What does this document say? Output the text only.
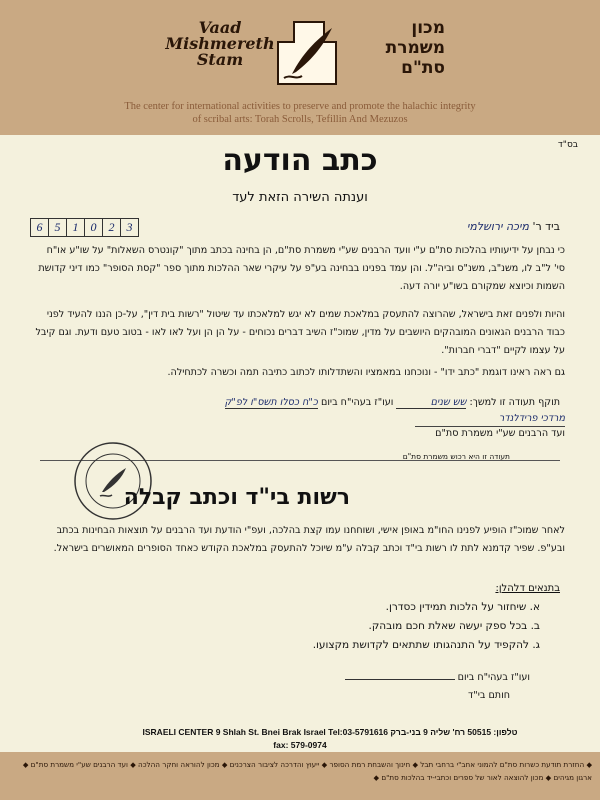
Vaad
Mishmereth
Stam
מכון
משמרת
סת"ם
The center for international activities to preserve and promote the halachic integrity
of scribal arts: Torah Scrolls, Tefillin And Mezuzos
בס"ד
כתב הודעה
וענתה השירה הזאת לעד
6	5	1	0	2	3	ביד ר' מיכה ירושלמי
כי נבחן על ידיעותיו בהלכות סת"ם ע"י וועד הרבנים שע"י משמרת סת"ם, הן בחינה בכתב מתוך "קונטרס השאלות" על שו"ע או"ח סי' ל"ב לו, משנ"ב, משנ"ס וביה"ל. והן עמד בפנינו בבחינה בע"פ על עיקרי שאר ההלכות מתוך ספר "קסת הסופר" כמו דיני קדושת השמות וכיוצא שמקורם בשו"ע יורה דעה.
והיות ולפנים זאת בישראל, שהרוצה להתעסק במלאכת שמים לא יגש למלאכתו עד שיטול "רשות בית דין", על-כן הננו להעיד לפני כבוד הרבנים הגאונים המובהקים היושבים על מדין, שמוכ"ז השיב דברים נכוחים - על הן הן ועל לאו לאו - בטוב טעם ודעת. וגם קיבל על עצמו לקיים "דברי חברות".
גם ראה ראינו דוגמת "כתב ידו" - ונוכחנו במאמציו והשתדלותו לכתוב כתיבה תמה וכשרה לכתחילה.
תוקף תעודה זו למשך: שש שנים ועו"ז בעהי"ח ביום כ"ח כסלו תשס"ו לפ"ק
מרדכי פרידלנדר
ועד הרבנים שע"י משמרת סת"ם
תעודה זו היא רכוש משמרת סת"ם
רשות בי"ד וכתב קבלה
לאחר שמוכ"ז הופיע לפנינו החו"מ באופן אישי, ושוחחנו עמו קצת בהלכה, ועפ"י הודעת ועד הרבנים על תוצאות הבחינות בכתב ובע"פ. שפיר קדמנא לתת לו רשות בי"ד וכתב קבלה ע"מ שיוכל להתעסק במלאכת הקודש כאחד הסופרים המאושרים בישראל.
בתנאים דלהלן:
א. שיחזור על הלכות תמידין כסדרן.
ב. בכל ספק יעשה שאלת חכם מובהק.
ג. להקפיד על התנהגותו שתתאים לקדושת מקצועו.
ועו"ז בעהי"ח ביום
חותם בי"ד
ISRAELI CENTER 9 Shlah St. Bnei Brak Israel Tel:03-5791616 טלפון: 50515 רח' שליה 9 בני-ברק
fax: 579-0974
◆ החזרת תודעת כשרות סת"ם להמוני אחב"י ברחבי תבל ◆ חינוך והשבחת רמת הסופר ◆ ייעוץ והדרכה לציבור הצרכנים ◆ מכון להוראה וחקר ההלכה ◆ ועד הרבנים שע"י משמרת סת"ם ◆ ארגון מגיהים ◆ מכון להוצאה לאור של ספרים וכתבי-יד בהלכות סת"ם ◆
